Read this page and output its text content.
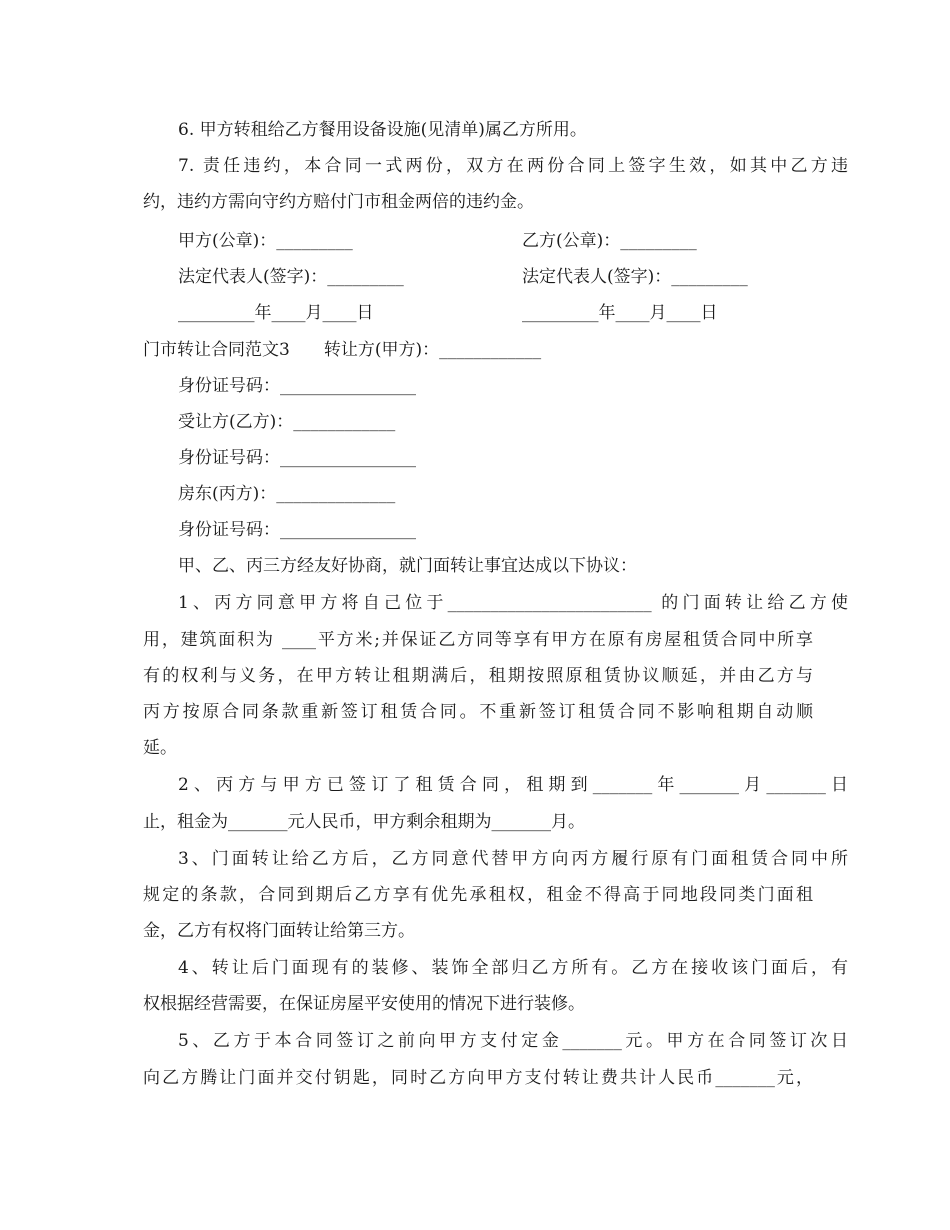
6. 甲方转租给乙方餐用设备设施(见清单)属乙方所用。
7. 责任违约，本合同一式两份，双方在两份合同上签字生效，如其中乙方违
约，违约方需向守约方赔付门市租金两倍的违约金。
甲方(公章)：_________	乙方(公章)：_________
法定代表人(签字)：_________	法定代表人(签字)：_________
_________年____月____日	_________年____月____日
门市转让合同范文3　　转让方(甲方)：____________
身份证号码：________________
受让方(乙方)：____________
身份证号码：________________
房东(丙方)：______________
身份证号码：________________
甲、乙、丙三方经友好协商，就门面转让事宜达成以下协议：
1、丙方同意甲方将自己位于________________________ 的门面转让给乙方使
用，建筑面积为 ____平方米;并保证乙方同等享有甲方在原有房屋租赁合同中所享
有的权利与义务，在甲方转让租期满后，租期按照原租赁协议顺延，并由乙方与
丙方按原合同条款重新签订租赁合同。不重新签订租赁合同不影响租期自动顺
延。
2、丙方与甲方已签订了租赁合同，租期到_______年_______月_______日
止，租金为_______元人民币，甲方剩余租期为_______月。
3、门面转让给乙方后，乙方同意代替甲方向丙方履行原有门面租赁合同中所
规定的条款，合同到期后乙方享有优先承租权，租金不得高于同地段同类门面租
金，乙方有权将门面转让给第三方。
4、转让后门面现有的装修、装饰全部归乙方所有。乙方在接收该门面后，有
权根据经营需要，在保证房屋平安使用的情况下进行装修。
5、乙方于本合同签订之前向甲方支付定金_______元。甲方在合同签订次日
向乙方腾让门面并交付钥匙，同时乙方向甲方支付转让费共计人民币_______元，
